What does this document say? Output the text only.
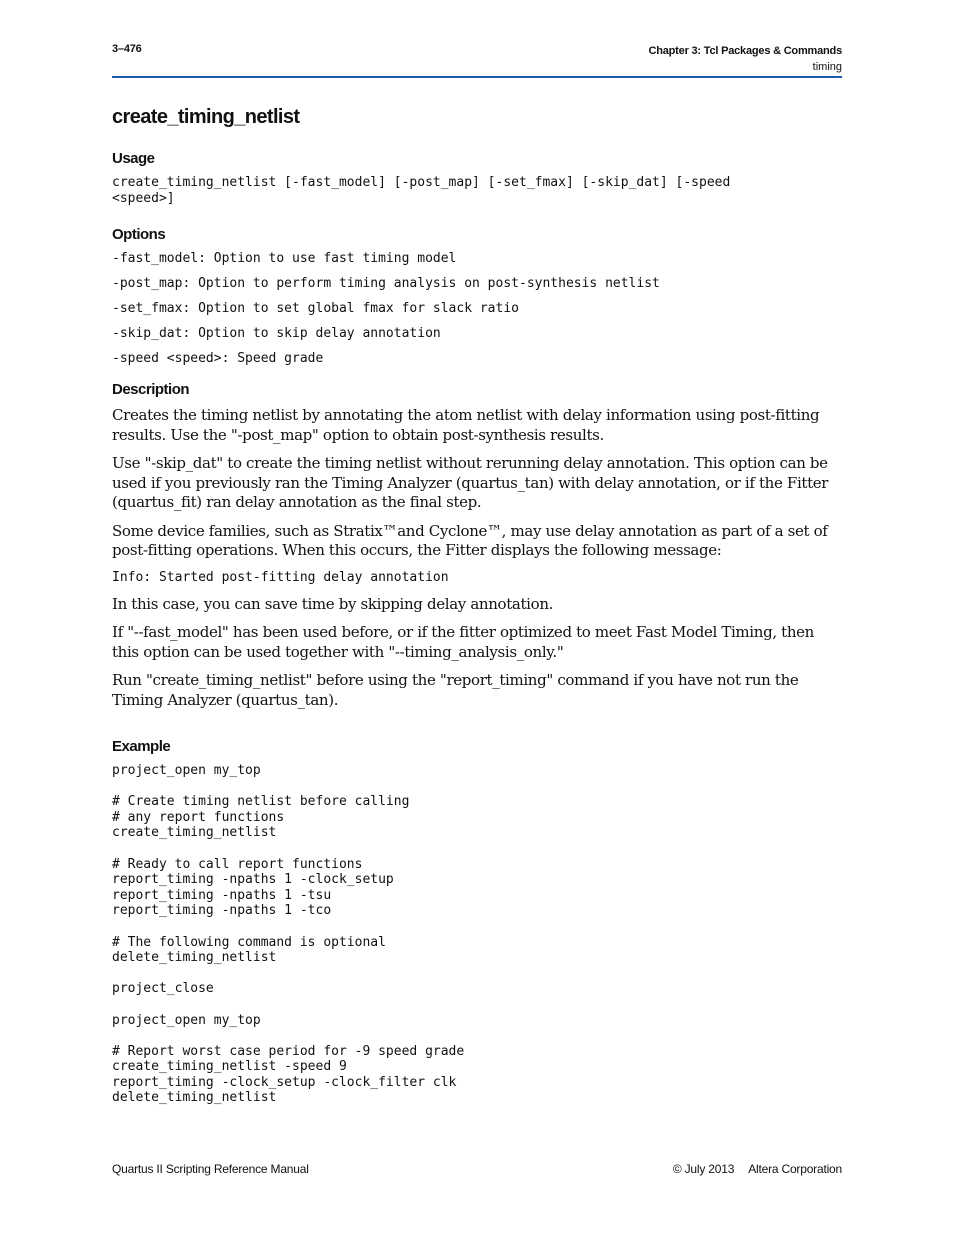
3–476	Chapter 3: Tcl Packages & Commands
timing
create_timing_netlist
Usage
create_timing_netlist [-fast_model] [-post_map] [-set_fmax] [-skip_dat] [-speed
<speed>]
Options
-fast_model: Option to use fast timing model
-post_map: Option to perform timing analysis on post-synthesis netlist
-set_fmax: Option to set global fmax for slack ratio
-skip_dat: Option to skip delay annotation
-speed <speed>: Speed grade
Description

Creates the timing netlist by annotating the atom netlist with delay information using post-fitting results. Use the "-post_map" option to obtain post-synthesis results.

Use "-skip_dat" to create the timing netlist without rerunning delay annotation. This option can be used if you previously ran the Timing Analyzer (quartus_tan) with delay annotation, or if the Fitter (quartus_fit) ran delay annotation as the final step.

Some device families, such as Stratix™and Cyclone™, may use delay annotation as part of a set of post-fitting operations. When this occurs, the Fitter displays the following message:

Info: Started post-fitting delay annotation

In this case, you can save time by skipping delay annotation.

If "--fast_model" has been used before, or if the fitter optimized to meet Fast Model Timing, then this option can be used together with "--timing_analysis_only."

Run "create_timing_netlist" before using the "report_timing" command if you have not run the Timing Analyzer (quartus_tan).

Example
project_open my_top

# Create timing netlist before calling
# any report functions
create_timing_netlist

# Ready to call report functions
report_timing -npaths 1 -clock_setup
report_timing -npaths 1 -tsu
report_timing -npaths 1 -tco

# The following command is optional
delete_timing_netlist

project_close

project_open my_top

# Report worst case period for -9 speed grade
create_timing_netlist -speed 9
report_timing -clock_setup -clock_filter clk
delete_timing_netlist
Quartus II Scripting Reference Manual	© July 2013 Altera Corporation
